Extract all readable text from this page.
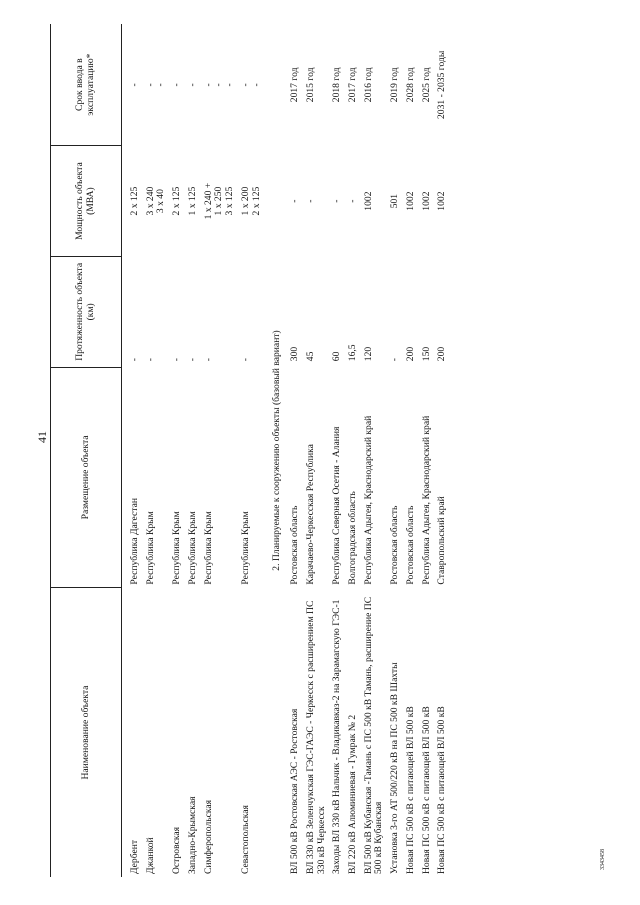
41
3343458
Наименование объекта	Размещение объекта	Протяженность объекта (км)	Мощность объекта (МВА)	Срок ввода в эксплуатацию*
Дербент	Республика Дагестан	-	2 х 125	-

Джанкой	Республика Крым	-	3 х 240 3 х 40	- -

Островская	Республика Крым	-	2 х 125	-

Западно-Крымская	Республика Крым	-	1 х 125	-

Симферопольская	Республика Крым	-	1 х 240 + 1 х 250 3 х 125	- - -

Севастопольская	Республика Крым	-	1 х 200 2 х 125	- -

2. Планируемые к сооружению объекты (базовый вариант)				
ВЛ 500 кВ Ростовская АЭС - Ростовская	Ростовская область	300	-	2017 год
ВЛ 330 кВ Зеленчукская ГЭС-ГАЭС - Черкесск с расширением ПС 330 кВ Черкесск	Карачаево-Черкесская Республика	45	-	2015 год
Заходы ВЛ 330 кВ Нальчик - Владикавказ-2 на Зарамагскую ГЭС-1	Республика Северная Осетия - Алания	60	-	2018 год
ВЛ 220 кВ Алюминиевая - Гумрак № 2	Волгоградская область	16,5	-	2017 год
ВЛ 500 кВ Кубанская -Тамань с ПС 500 кВ Тамань, расширение ПС 500 кВ Кубанская	Республика Адыгея, Краснодарский край	120	1002	2016 год
Установка 3-го АТ 500/220 кВ на ПС 500 кВ Шахты	Ростовская область	-	501	2019 год
Новая ПС 500 кВ с питающей ВЛ 500 кВ	Ростовская область	200	1002	2028 год
Новая ПС 500 кВ с питающей ВЛ 500 кВ	Республика Адыгея, Краснодарский край	150	1002	2025 год
Новая ПС 500 кВ с питающей ВЛ 500 кВ	Ставропольский край	200	1002	2031 - 2035 годы
